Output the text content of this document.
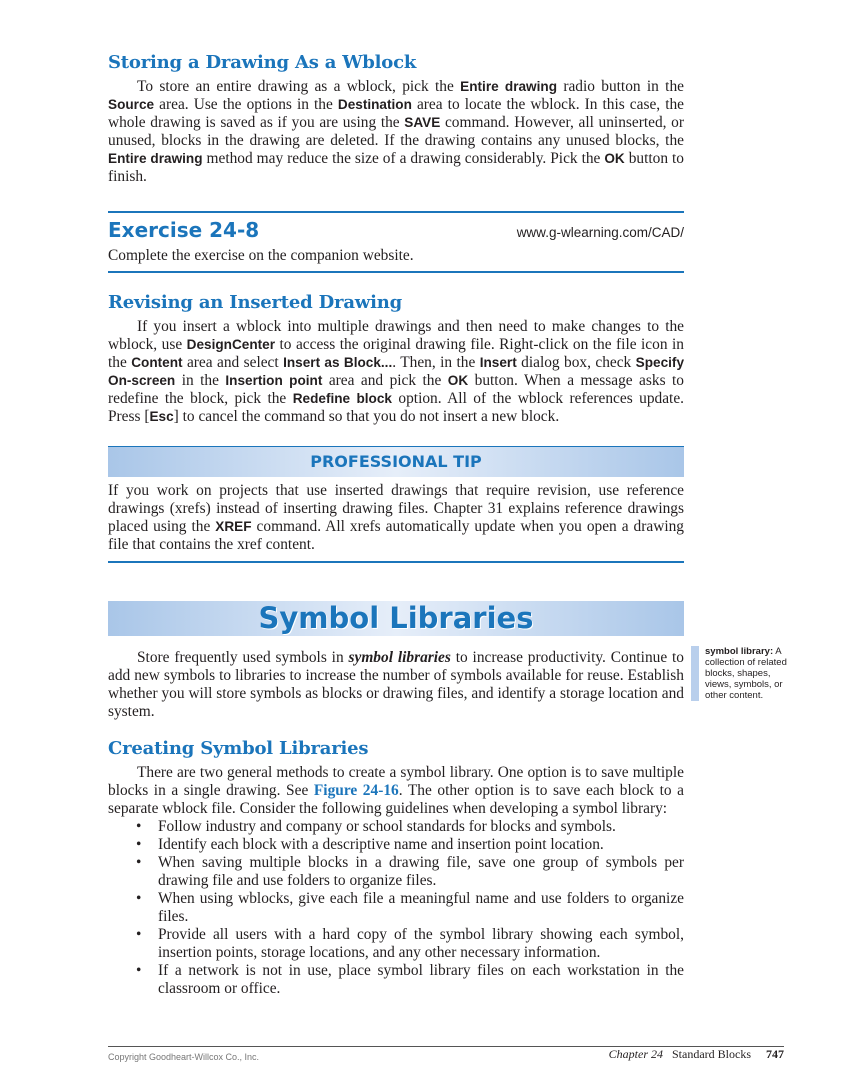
Storing a Drawing As a Wblock

To store an entire drawing as a wblock, pick the Entire drawing radio button in the Source area. Use the options in the Destination area to locate the wblock. In this case, the whole drawing is saved as if you are using the SAVE command. However, all uninserted, or unused, blocks in the drawing are deleted. If the drawing contains any unused blocks, the Entire drawing method may reduce the size of a drawing considerably. Pick the OK button to finish.

Exercise 24-8	www.g-wlearning.com/CAD/

Complete the exercise on the companion website.

Revising an Inserted Drawing

If you insert a wblock into multiple drawings and then need to make changes to the wblock, use DesignCenter to access the original drawing file. Right-click on the file icon in the Content area and select Insert as Block.... Then, in the Insert dialog box, check Specify On-screen in the Insertion point area and pick the OK button. When a message asks to redefine the block, pick the Redefine block option. All of the wblock references update. Press [Esc] to cancel the command so that you do not insert a new block.

PROFESSIONAL TIP

If you work on projects that use inserted drawings that require revision, use reference drawings (xrefs) instead of inserting drawing files. Chapter 31 explains reference drawings placed using the XREF command. All xrefs automatically update when you open a drawing file that contains the xref content.

Symbol Libraries

Store frequently used symbols in symbol libraries to increase productivity. Continue to add new symbols to libraries to increase the number of symbols available for reuse. Establish whether you will store symbols as blocks or drawing files, and identify a storage location and system.

symbol library: A collection of related blocks, shapes, views, symbols, or other content.
Creating Symbol Libraries

There are two general methods to create a symbol library. One option is to save multiple blocks in a single drawing. See Figure 24-16. The other option is to save each block to a separate wblock file. Consider the following guidelines when developing a symbol library:

• Follow industry and company or school standards for blocks and symbols.
• Identify each block with a descriptive name and insertion point location.
• When saving multiple blocks in a drawing file, save one group of symbols per drawing file and use folders to organize files.
• When using wblocks, give each file a meaningful name and use folders to organize files.
• Provide all users with a hard copy of the symbol library showing each symbol, insertion points, storage locations, and any other necessary information.
• If a network is not in use, place symbol library files on each workstation in the classroom or office.
Copyright Goodheart-Willcox Co., Inc.	Chapter 24 Standard Blocks 747
